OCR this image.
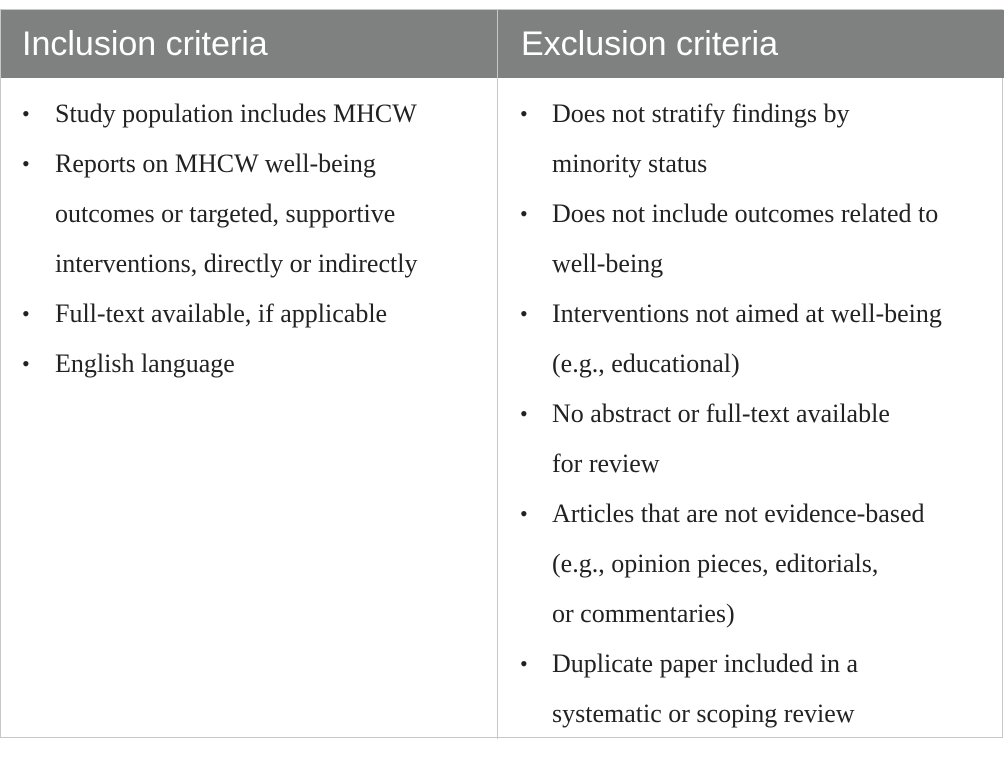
Inclusion criteria	Exclusion criteria
• Study population includes MHCW
• Reports on MHCW well-being
outcomes or targeted, supportive
interventions, directly or indirectly
• Full-text available, if applicable
• English language
• Does not stratify findings by
minority status
• Does not include outcomes related to
well-being
• Interventions not aimed at well-being
(e.g., educational)
• No abstract or full-text available
for review
• Articles that are not evidence-based
(e.g., opinion pieces, editorials,
or commentaries)
• Duplicate paper included in a
systematic or scoping review
